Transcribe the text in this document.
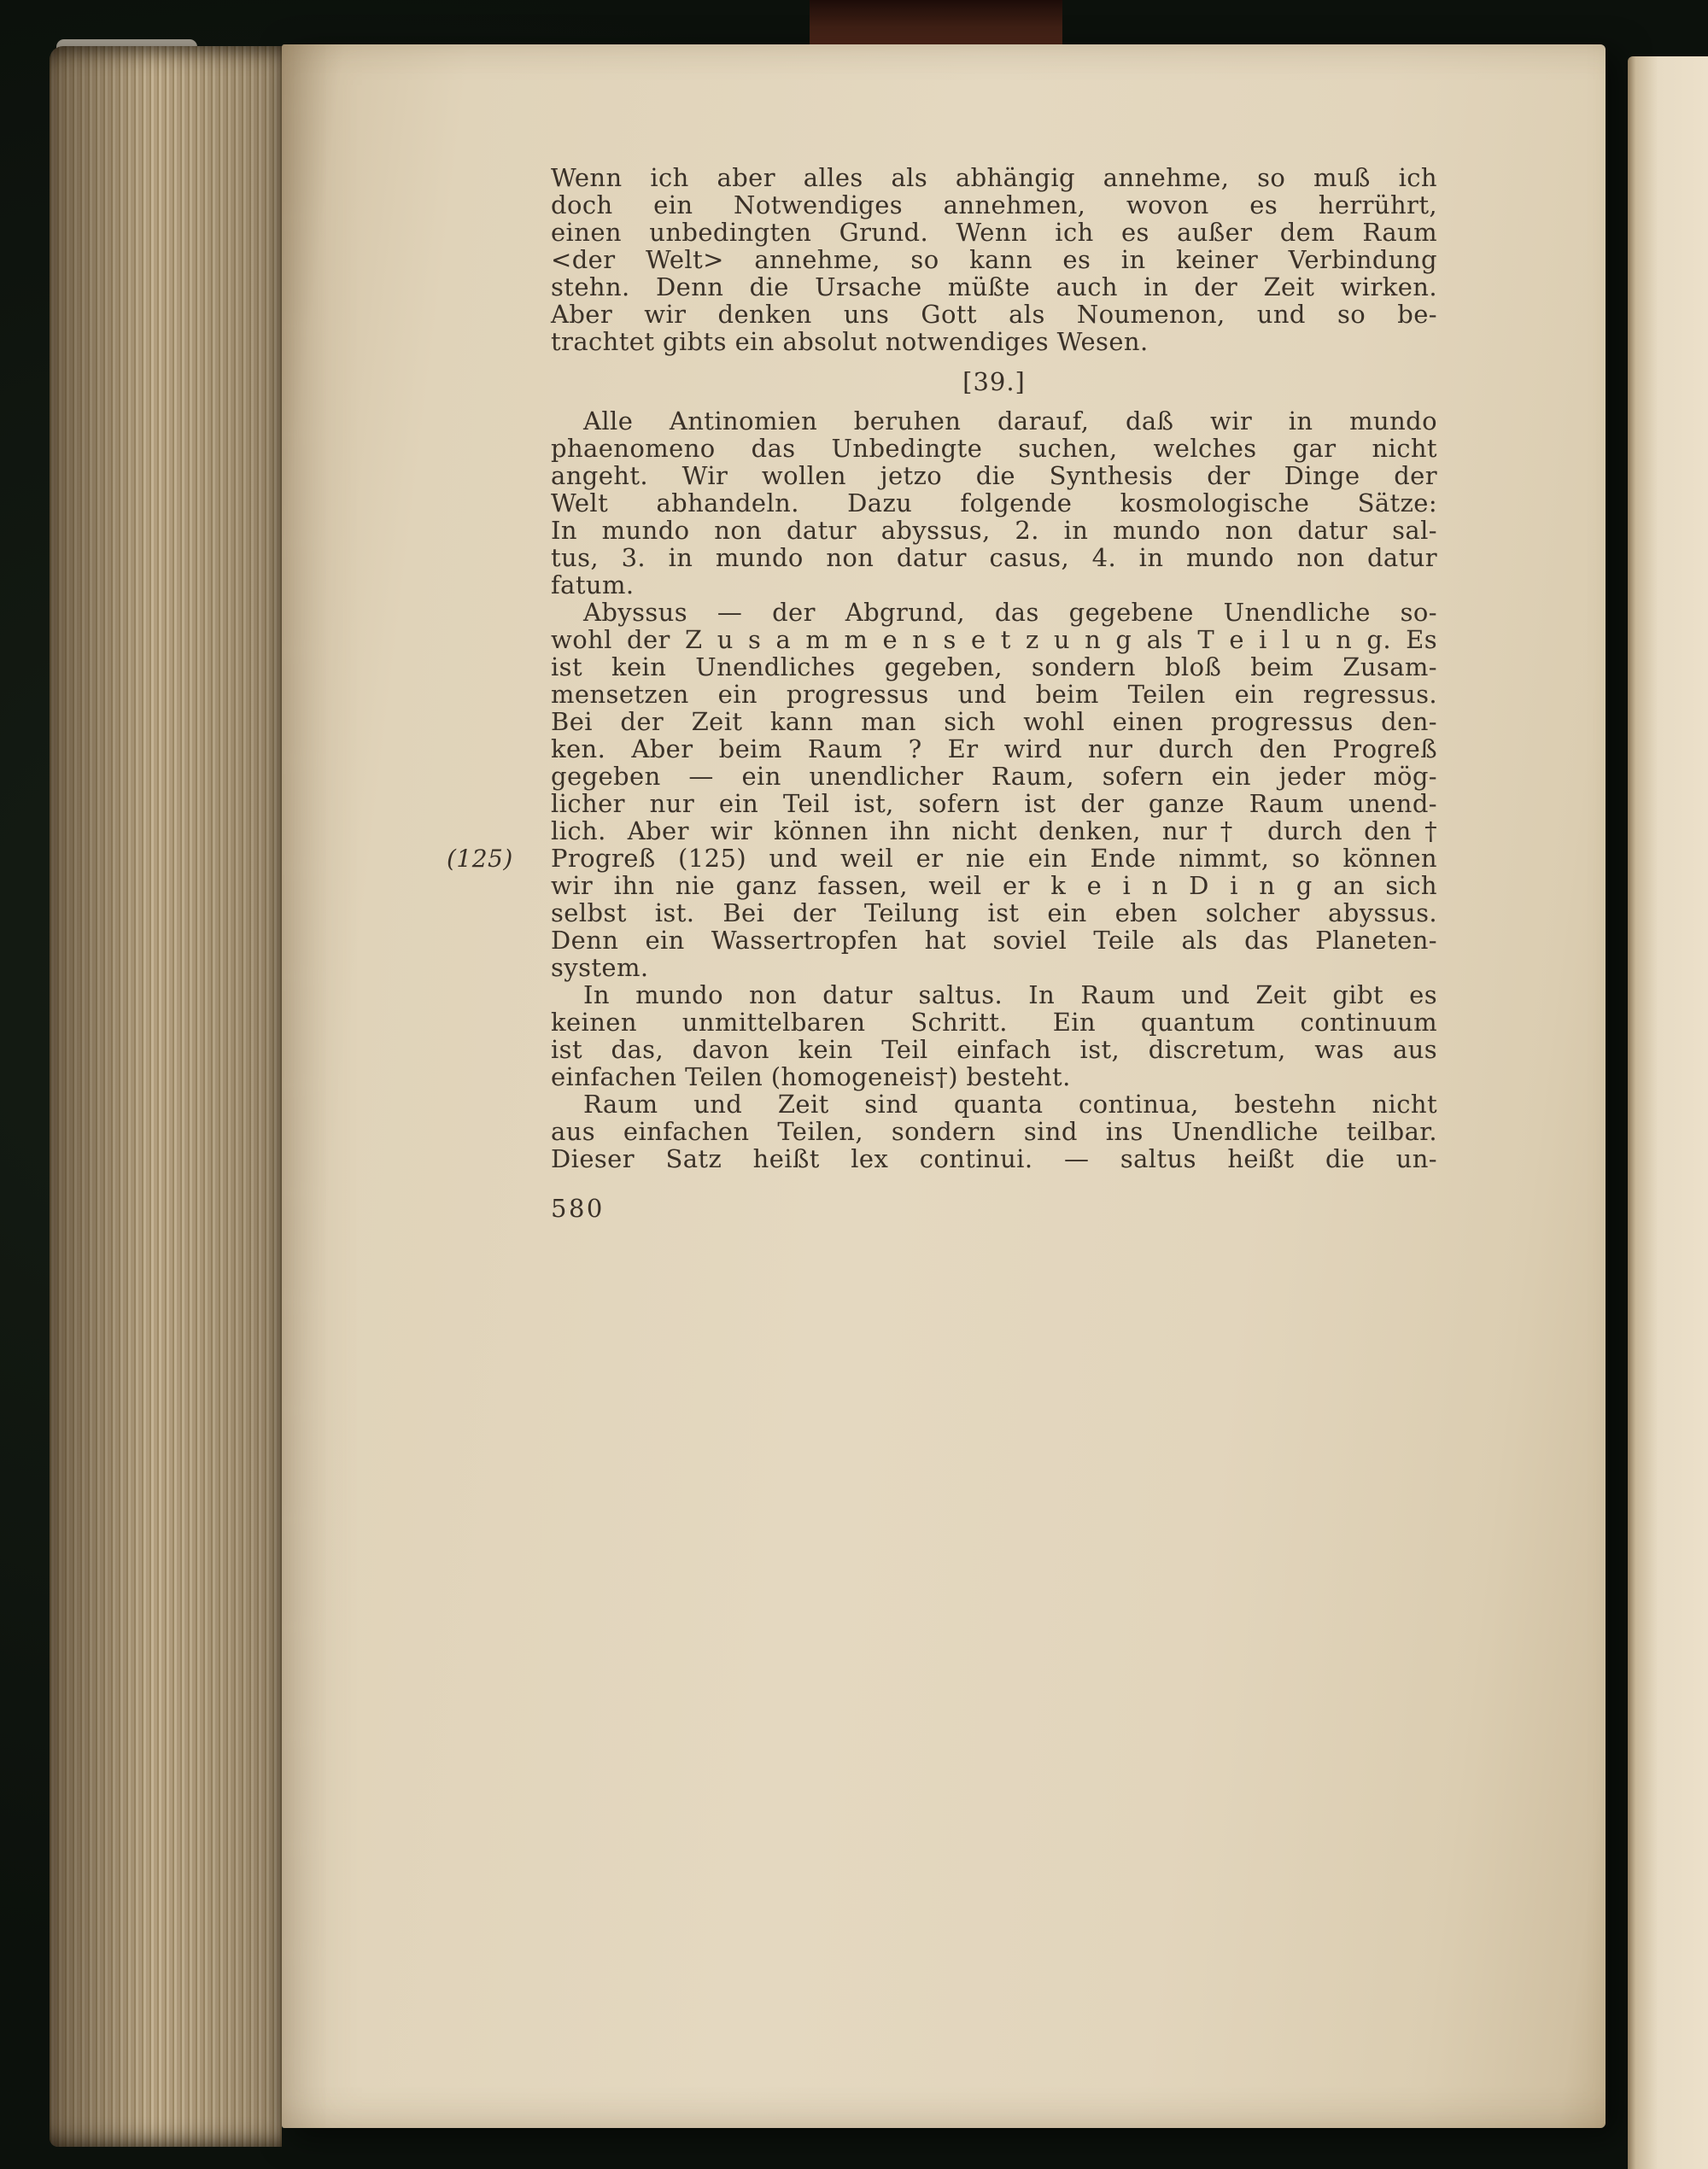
Wenn ich aber alles als abhängig annehme, so muß ich
doch ein Notwendiges annehmen, wovon es herrührt,
einen unbedingten Grund. Wenn ich es außer dem Raum
<der Welt> annehme, so kann es in keiner Verbindung
stehn. Denn die Ursache müßte auch in der Zeit wirken.
Aber wir denken uns Gott als Noumenon, und so be-
trachtet gibts ein absolut notwendiges Wesen.
[39.]
Alle Antinomien beruhen darauf, daß wir in mundo
phaenomeno das Unbedingte suchen, welches gar nicht
angeht. Wir wollen jetzo die Synthesis der Dinge der
Welt abhandeln. Dazu folgende kosmologische Sätze:
In mundo non datur abyssus, 2. in mundo non datur sal-
tus, 3. in mundo non datur casus, 4. in mundo non datur
fatum.
Abyssus — der Abgrund, das gegebene Unendliche so-
wohl der Z u s a m m e n s e t z u n g als T e i l u n g. Es
ist kein Unendliches gegeben, sondern bloß beim Zusam-
mensetzen ein progressus und beim Teilen ein regressus.
Bei der Zeit kann man sich wohl einen progressus den-
ken. Aber beim Raum ? Er wird nur durch den Progreß
gegeben — ein unendlicher Raum, sofern ein jeder mög-
licher nur ein Teil ist, sofern ist der ganze Raum unend-
lich. Aber wir können ihn nicht denken, nur† durch den†
Progreß (125) und weil er nie ein Ende nimmt, so können
wir ihn nie ganz fassen, weil er k e i n D i n g an sich
selbst ist. Bei der Teilung ist ein eben solcher abyssus.
Denn ein Wassertropfen hat soviel Teile als das Planeten-
system.
In mundo non datur saltus. In Raum und Zeit gibt es
keinen unmittelbaren Schritt. Ein quantum continuum
ist das, davon kein Teil einfach ist, discretum, was aus
einfachen Teilen (homogeneis†) besteht.
Raum und Zeit sind quanta continua, bestehn nicht
aus einfachen Teilen, sondern sind ins Unendliche teilbar.
Dieser Satz heißt lex continui. — saltus heißt die un-
580
(125)
